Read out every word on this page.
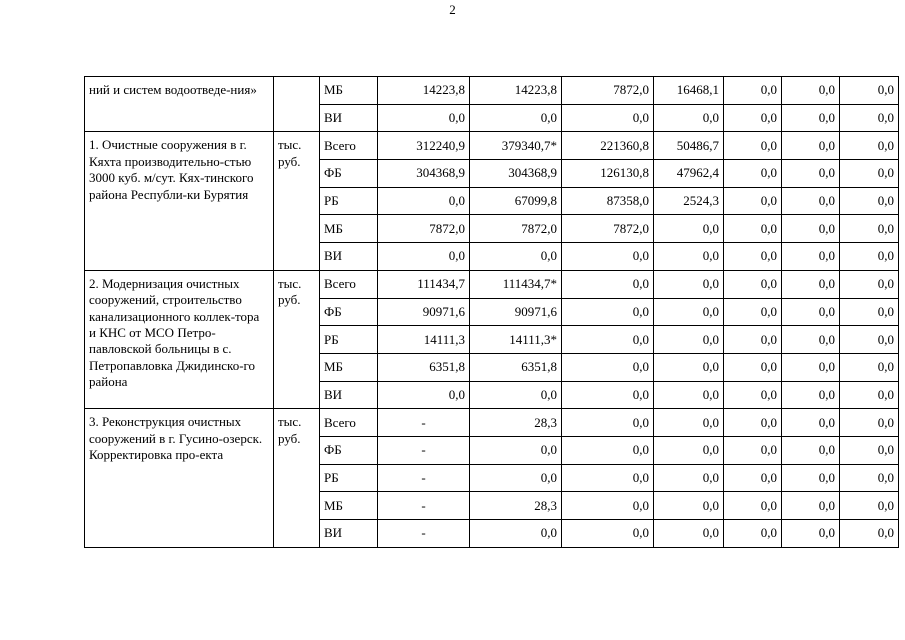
2
ний и систем водоотведе-ния»		МБ	14223,8	14223,8	7872,0	16468,1	0,0	0,0	0,0
		ВИ	0,0	0,0	0,0	0,0	0,0	0,0	0,0
1. Очистные сооружения в г. Кяхта производительно-стью 3000 куб. м/сут. Кях-тинского района Республи-ки Бурятия	тыс. руб.	Всего	312240,9	379340,7*	221360,8	50486,7	0,0	0,0	0,0
		ФБ	304368,9	304368,9	126130,8	47962,4	0,0	0,0	0,0
		РБ	0,0	67099,8	87358,0	2524,3	0,0	0,0	0,0
		МБ	7872,0	7872,0	7872,0	0,0	0,0	0,0	0,0
		ВИ	0,0	0,0	0,0	0,0	0,0	0,0	0,0
2. Модернизация очистных сооружений, строительство канализационного коллек-тора и КНС от МСО Петро-павловской больницы в с. Петропавловка Джидинско-го района	тыс. руб.	Всего	111434,7	111434,7*	0,0	0,0	0,0	0,0	0,0
		ФБ	90971,6	90971,6	0,0	0,0	0,0	0,0	0,0
		РБ	14111,3	14111,3*	0,0	0,0	0,0	0,0	0,0
		МБ	6351,8	6351,8	0,0	0,0	0,0	0,0	0,0
		ВИ	0,0	0,0	0,0	0,0	0,0	0,0	0,0
3. Реконструкция очистных сооружений в г. Гусино-озерск. Корректировка про-екта	тыс. руб.	Всего	-	28,3	0,0	0,0	0,0	0,0	0,0
		ФБ	-	0,0	0,0	0,0	0,0	0,0	0,0
		РБ	-	0,0	0,0	0,0	0,0	0,0	0,0
		МБ	-	28,3	0,0	0,0	0,0	0,0	0,0
		ВИ	-	0,0	0,0	0,0	0,0	0,0	0,0
